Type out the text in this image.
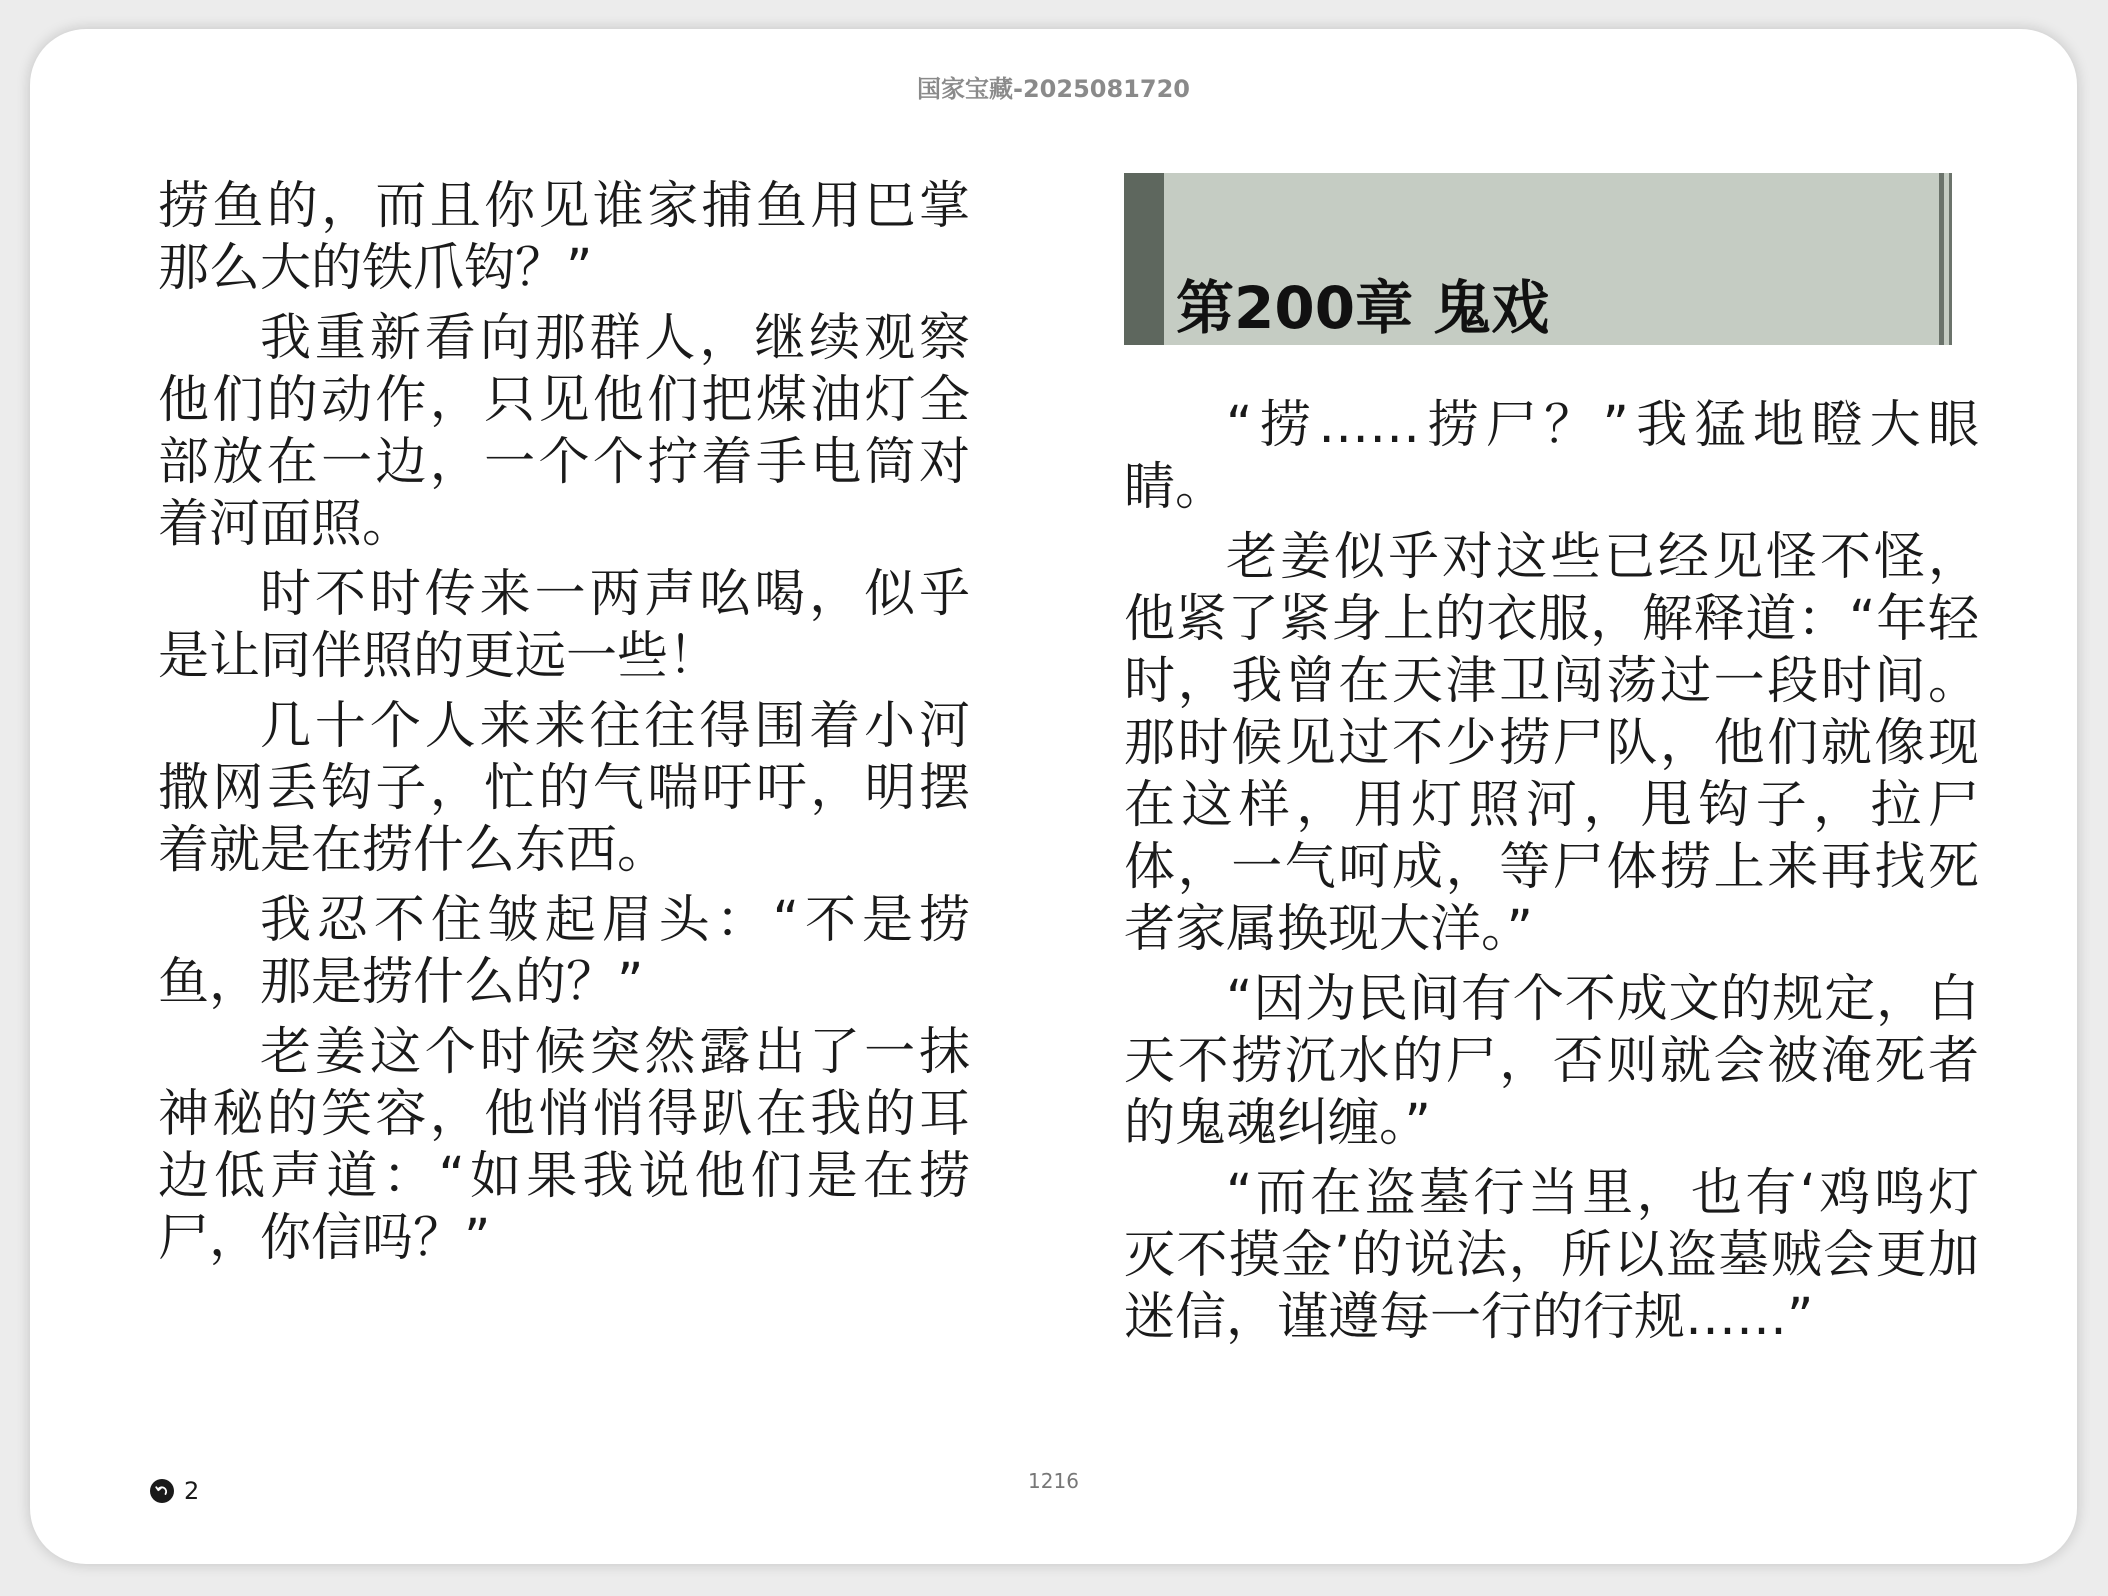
国家宝藏-2025081720

捞鱼的，而且你见谁家捕鱼用巴掌那么大的铁爪钩？”

我重新看向那群人，继续观察他们的动作，只见他们把煤油灯全部放在一边，一个个拧着手电筒对着河面照。

时不时传来一两声吆喝，似乎是让同伴照的更远一些！

几十个人来来往往得围着小河撒网丢钩子，忙的气喘吁吁，明摆着就是在捞什么东西。

我忍不住皱起眉头：“不是捞鱼，那是捞什么的？”

老姜这个时候突然露出了一抹神秘的笑容，他悄悄得趴在我的耳边低声道：“如果我说他们是在捞尸，你信吗？”

第200章 鬼戏

“捞……捞尸？”我猛地瞪大眼睛。

老姜似乎对这些已经见怪不怪，他紧了紧身上的衣服，解释道：“年轻时，我曾在天津卫闯荡过一段时间。那时候见过不少捞尸队，他们就像现在这样，用灯照河，甩钩子，拉尸体，一气呵成，等尸体捞上来再找死者家属换现大洋。”

“因为民间有个不成文的规定，白天不捞沉水的尸，否则就会被淹死者的鬼魂纠缠。”

“而在盗墓行当里，也有‘鸡鸣灯灭不摸金’的说法，所以盗墓贼会更加迷信，谨遵每一行的行规……”

2	1216
